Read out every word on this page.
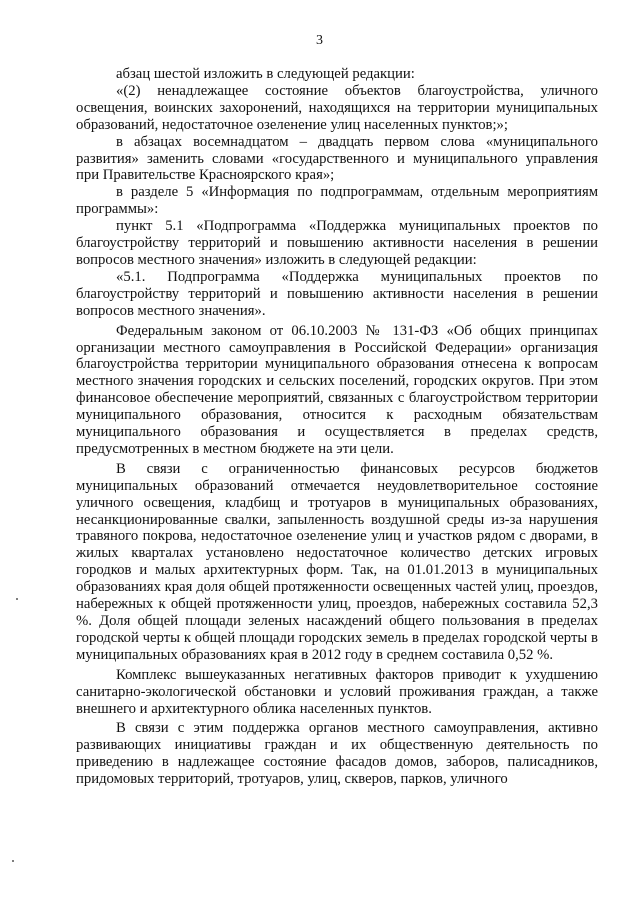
3

абзац шестой изложить в следующей редакции:

«(2) ненадлежащее состояние объектов благоустройства, уличного освещения, воинских захоронений, находящихся на территории муниципальных образований, недостаточное озеленение улиц населенных пунктов;»;

в абзацах восемнадцатом – двадцать первом слова «муниципального развития» заменить словами «государственного и муниципального управления при Правительстве Красноярского края»;

в разделе 5 «Информация по подпрограммам, отдельным мероприятиям программы»:

пункт 5.1 «Подпрограмма «Поддержка муниципальных проектов по благоустройству территорий и повышению активности населения в решении вопросов местного значения» изложить в следующей редакции:

«5.1. Подпрограмма «Поддержка муниципальных проектов по благоустройству территорий и повышению активности населения в решении вопросов местного значения».

Федеральным законом от 06.10.2003 № 131-ФЗ «Об общих принципах организации местного самоуправления в Российской Федерации» организация благоустройства территории муниципального образования отнесена к вопросам местного значения городских и сельских поселений, городских округов. При этом финансовое обеспечение мероприятий, связанных с благоустройством территории муниципального образования, относится к расходным обязательствам муниципального образования и осуществляется в пределах средств, предусмотренных в местном бюджете на эти цели.

В связи с ограниченностью финансовых ресурсов бюджетов муниципальных образований отмечается неудовлетворительное состояние уличного освещения, кладбищ и тротуаров в муниципальных образованиях, несанкционированные свалки, запыленность воздушной среды из-за нарушения травяного покрова, недостаточное озеленение улиц и участков рядом с дворами, в жилых кварталах установлено недостаточное количество детских игровых городков и малых архитектурных форм. Так, на 01.01.2013 в муниципальных образованиях края доля общей протяженности освещенных частей улиц, проездов, набережных к общей протяженности улиц, проездов, набережных составила 52,3 %. Доля общей площади зеленых насаждений общего пользования в пределах городской черты к общей площади городских земель в пределах городской черты в муниципальных образованиях края в 2012 году в среднем составила 0,52 %.

Комплекс вышеуказанных негативных факторов приводит к ухудшению санитарно-экологической обстановки и условий проживания граждан, а также внешнего и архитектурного облика населенных пунктов.

В связи с этим поддержка органов местного самоуправления, активно развивающих инициативы граждан и их общественную деятельность по приведению в надлежащее состояние фасадов домов, заборов, палисадников, придомовых территорий, тротуаров, улиц, скверов, парков, уличного
